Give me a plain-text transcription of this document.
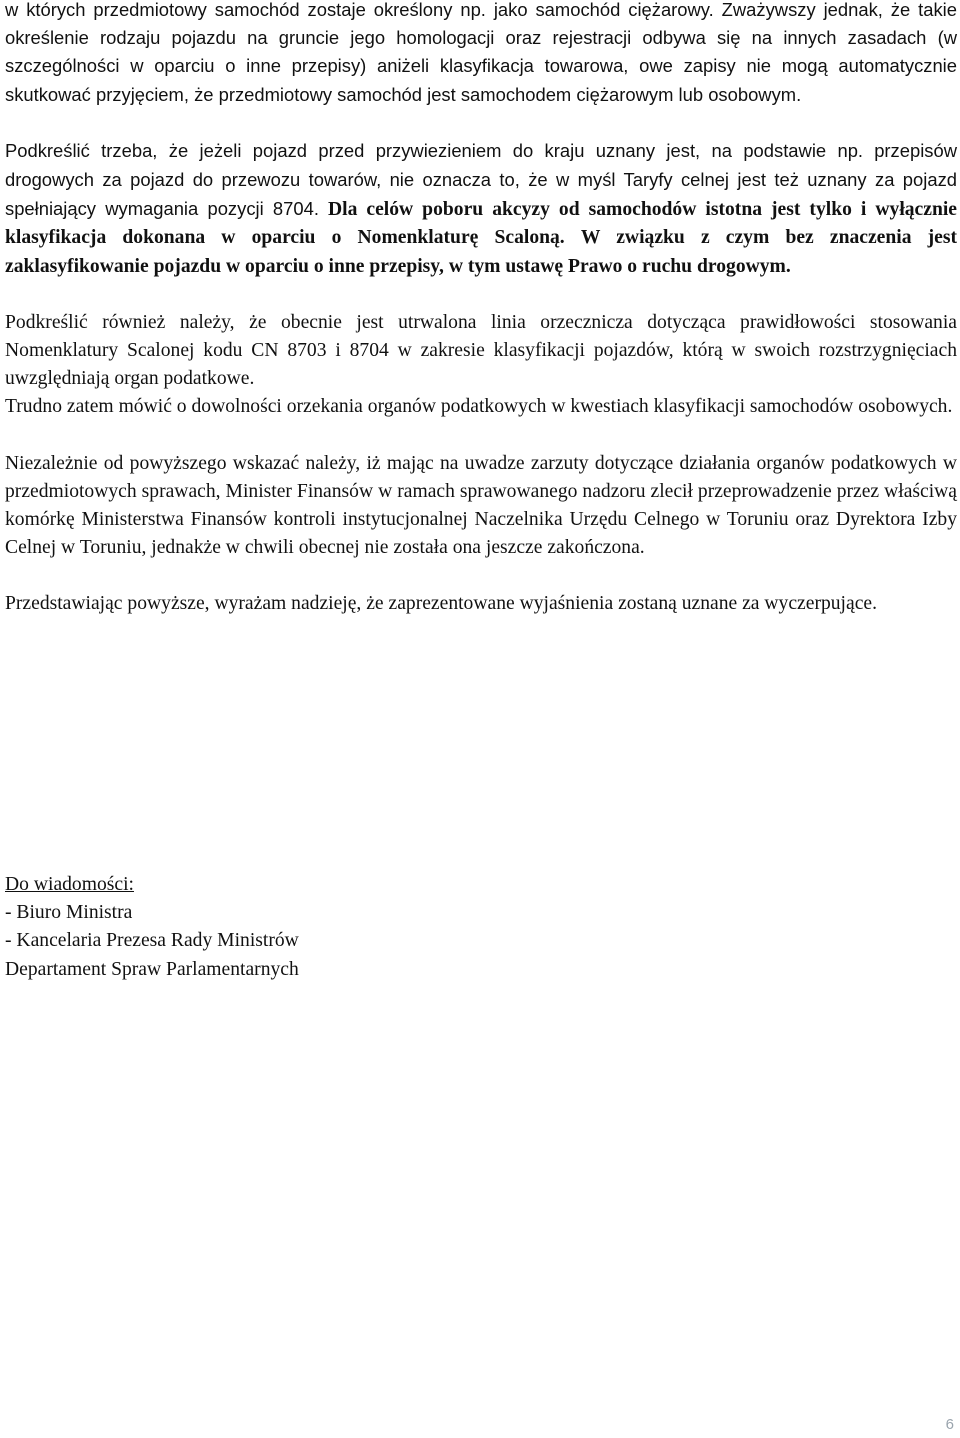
w których przedmiotowy samochód zostaje określony np. jako samochód ciężarowy. Zważywszy jednak, że takie określenie rodzaju pojazdu na gruncie jego homologacji oraz rejestracji odbywa się na innych zasadach (w szczególności w oparciu o inne przepisy) aniżeli klasyfikacja towarowa, owe zapisy nie mogą automatycznie skutkować przyjęciem, że przedmiotowy samochód jest samochodem ciężarowym lub osobowym.

Podkreślić trzeba, że jeżeli pojazd przed przywiezieniem do kraju uznany jest, na podstawie np. przepisów drogowych za pojazd do przewozu towarów, nie oznacza to, że w myśl Taryfy celnej jest też uznany za pojazd spełniający wymagania pozycji 8704. Dla celów poboru akcyzy od samochodów istotna jest tylko i wyłącznie klasyfikacja dokonana w oparciu o Nomenklaturę Scaloną. W związku z czym bez znaczenia jest zaklasyfikowanie pojazdu w oparciu o inne przepisy, w tym ustawę Prawo o ruchu drogowym.

Podkreślić również należy, że obecnie jest utrwalona linia orzecznicza dotycząca prawidłowości stosowania Nomenklatury Scalonej kodu CN 8703 i 8704 w zakresie klasyfikacji pojazdów, którą w swoich rozstrzygnięciach uwzględniają organ podatkowe.

Trudno zatem mówić o dowolności orzekania organów podatkowych w kwestiach klasyfikacji samochodów osobowych.

Niezależnie od powyższego wskazać należy, iż mając na uwadze zarzuty dotyczące działania organów podatkowych w przedmiotowych sprawach, Minister Finansów w ramach sprawowanego nadzoru zlecił przeprowadzenie przez właściwą komórkę Ministerstwa Finansów kontroli instytucjonalnej Naczelnika Urzędu Celnego w Toruniu oraz Dyrektora Izby Celnej w Toruniu, jednakże w chwili obecnej nie została ona jeszcze zakończona.

Przedstawiając powyższe, wyrażam nadzieję, że zaprezentowane wyjaśnienia zostaną uznane za wyczerpujące.

Do wiadomości:
- Biuro Ministra
- Kancelaria Prezesa Rady Ministrów
Departament Spraw Parlamentarnych
6
